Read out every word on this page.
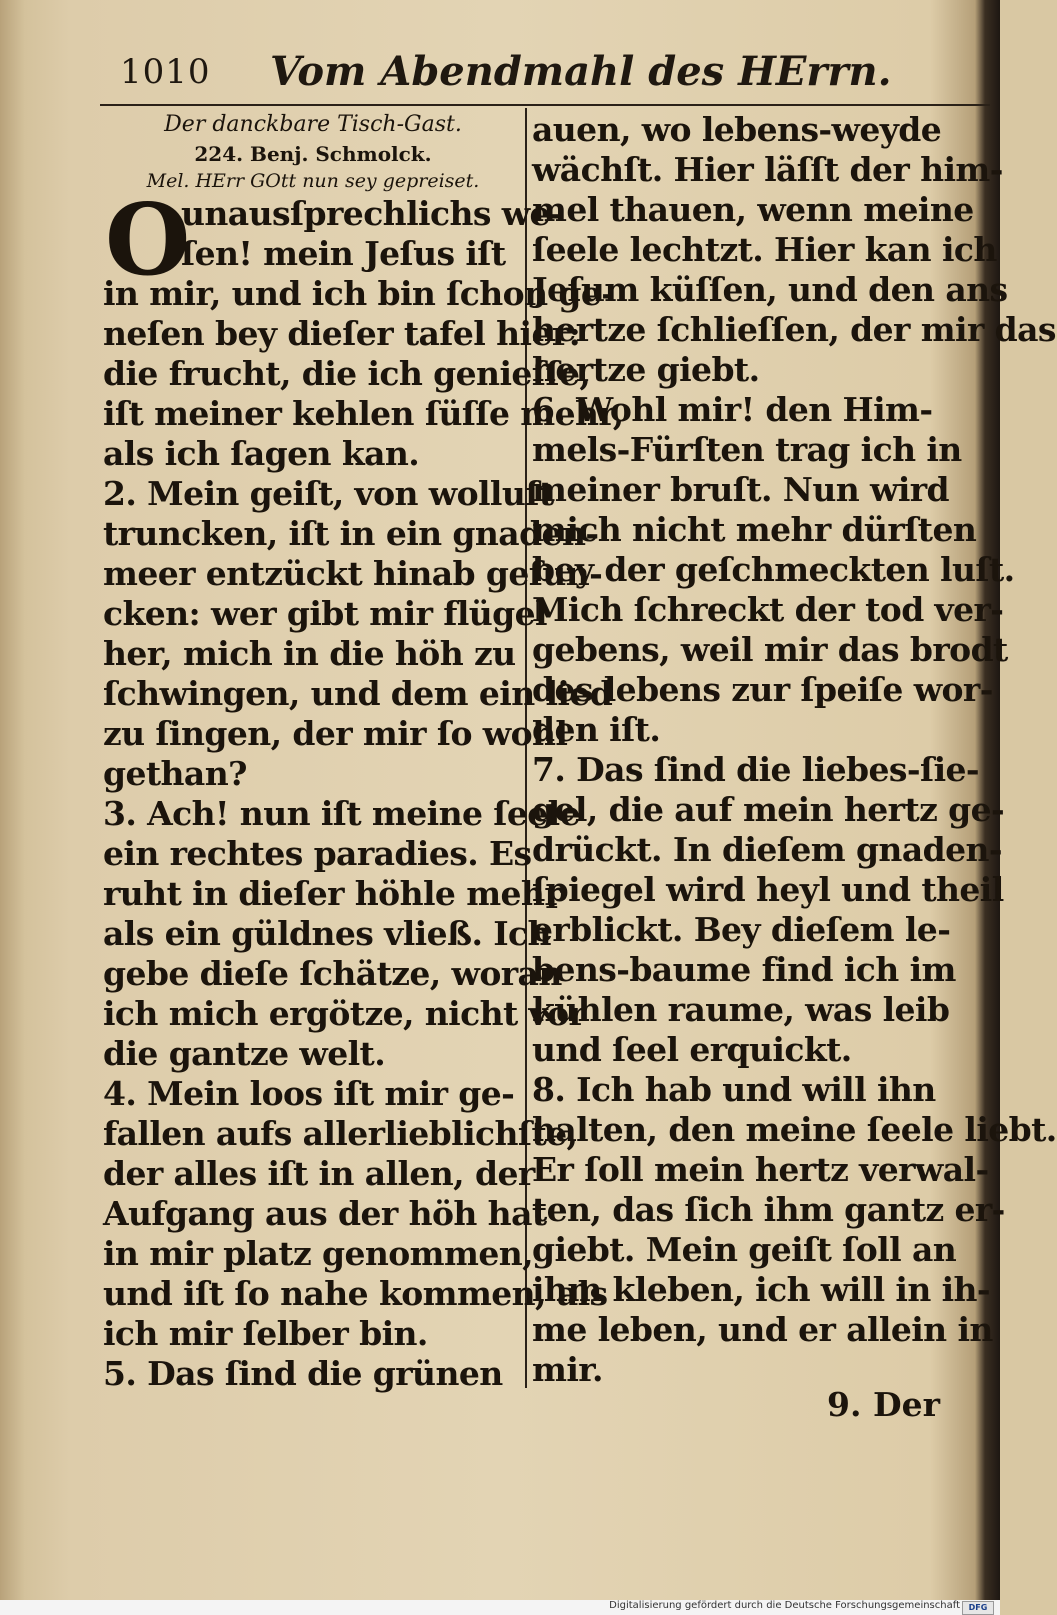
1010 Vom Abendmahl des HErrn.
Der danckbare Tisch-Gast.
224. Benj. Schmolck.
Mel. HErr GOtt nun sey gepreiset.
O
unausſprechlichs we-
ſen! mein Jeſus iſt
in mir, und ich bin ſchon ge-
neſen bey dieſer tafel hier:
die frucht, die ich genieſſe,
iſt meiner kehlen ſüſſe mehr,
als ich ſagen kan.
2. Mein geiſt, von wolluſt
truncken, iſt in ein gnaden-
meer entzückt hinab geſun-
cken: wer gibt mir flügel
her, mich in die höh zu
ſchwingen, und dem ein lied
zu ſingen, der mir ſo wohl
gethan?
3. Ach! nun iſt meine ſeele
ein rechtes paradies. Es
ruht in dieſer höhle mehr
als ein güldnes vließ. Ich
gebe dieſe ſchätze, woran
ich mich ergötze, nicht vor
die gantze welt.
4. Mein loos iſt mir ge-
fallen aufs allerlieblichſte,
der alles iſt in allen, der
Aufgang aus der höh hat
in mir platz genommen,
und iſt ſo nahe kommen, als
ich mir ſelber bin.
5. Das ſind die grünen
auen, wo lebens-weyde
wächſt. Hier läſſt der him-
mel thauen, wenn meine
ſeele lechtzt. Hier kan ich
Jeſum küſſen, und den ans
hertze ſchlieſſen, der mir das
hertze giebt.
6. Wohl mir! den Him-
mels-Fürſten trag ich in
meiner bruſt. Nun wird
mich nicht mehr dürſten
bey der geſchmeckten luſt.
Mich ſchreckt der tod ver-
gebens, weil mir das brodt
des lebens zur ſpeiſe wor-
den iſt.
7. Das ſind die liebes-ſie-
gel, die auf mein hertz ge-
drückt. In dieſem gnaden-
ſpiegel wird heyl und theil
erblickt. Bey dieſem le-
bens-baume find ich im
kühlen raume, was leib
und ſeel erquickt.
8. Ich hab und will ihn
halten, den meine ſeele liebt.
Er ſoll mein hertz verwal-
ten, das ſich ihm gantz er-
giebt. Mein geiſt ſoll an
ihm kleben, ich will in ih-
me leben, und er allein in
mir.
9. Der
Digitalisierung gefördert durch die Deutsche Forschungsgemeinschaft	DFG
